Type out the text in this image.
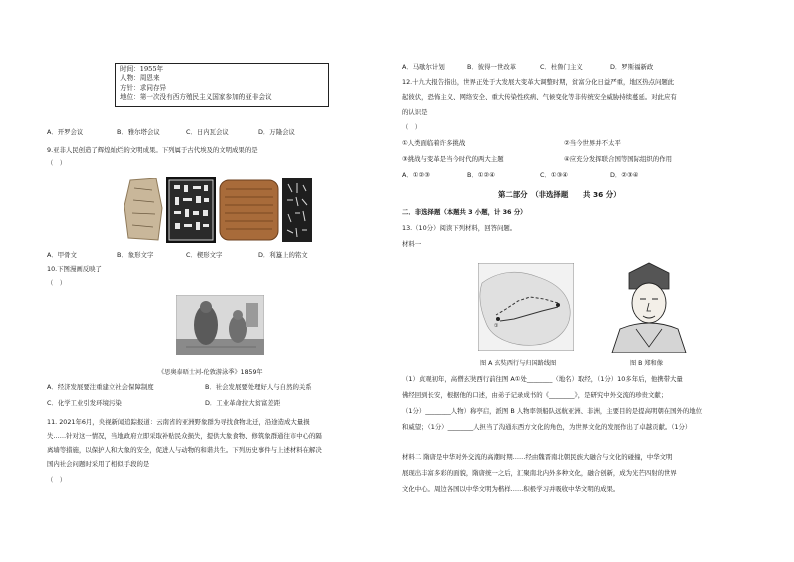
时间：1955年
人物：周恩来
方针：求同存异
地位：第一次没有西方殖民主义国家参加的亚非会议
A．开罗会议	B．雅尔塔会议	C．日内瓦会议	D．万隆会议
9.亚非人民创造了辉煌灿烂的文明成果。下列属于古代埃及的文明成果的是
（　）
A．甲骨文	B．象形文字	C．楔形文字	D．利簋上的铭文
10.下图漫画反映了
（　）
《思奥泰晤士河-伦敦游泳季》1859年
A．经济发展要注重建立社会保障制度	B．社会发展要处理好人与自然的关系
C．化学工业引发环境污染	D．工业革命拉大贫富差距
11. 2021年6月，央视新闻追踪报道：云南省的亚洲野象群为寻找食物北迁，沿途造成大量损
失……针对这一情况，当地政府立即采取补贴民众损失，提供大象食物、修筑象群通往市中心的隔
离墙等措施，以保护人和大象的安全，促进人与动物的和谐共生。下列历史事件与上述材料在解决
国内社会问题时采用了相似手段的是
（　）
A．马歇尔计划	B．彼得一世改革	C．杜鲁门主义	D．罗斯福新政
12.十九大报告指出，世界正处于大发展大变革大调整时期，贫富分化日益严重，地区热点问题此
起彼伏，恐怖主义、网络安全、重大传染性疾病、气候变化等非传统安全威胁持续蔓延。对此应有
的认识是
（　）
①人类面临着许多挑战	②当今世界并不太平
③挑战与变革是当今时代的两大主题	④应充分发挥联合国等国际组织的作用
A．①②③	B．①②④	C．①③④	D．②③④
第二部分　（非选择题　　共 36 分）
二．非选择题（本题共 3 小题，计 36 分）
13.（10分）阅读下列材料，回答问题。
材料一
①
图 A 玄奘西行与归国路线图	图 B 郑和像
（1）贞观初年，高僧玄奘西行前往图 A①处________（地名）取经，（1分）10多年后，他携带大量
佛经回到长安，根据他的口述，由弟子记录成书的《________》，是研究中外交流的珍贵文献；
（1分）________人物）称亭启，派图 B 人物率领船队远航亚洲、非洲，主要目的是提高明朝在国外的地位
和威望；（1分）________人担当了沟通东西方文化的角色，为世界文化的发展作出了卓越贡献。（1分）
材料二 隋唐是中华对外交流的高潮时期……经由魏晋南北朝民族大融合与文化的碰撞，中华文明
展现出丰富多彩的面貌，隋唐统一之后，汇聚南北内外多种文化，融合创新，成为光芒四射的世界
文化中心。周边各国以中华文明为楷样……积极学习并吸收中华文明的成果。
